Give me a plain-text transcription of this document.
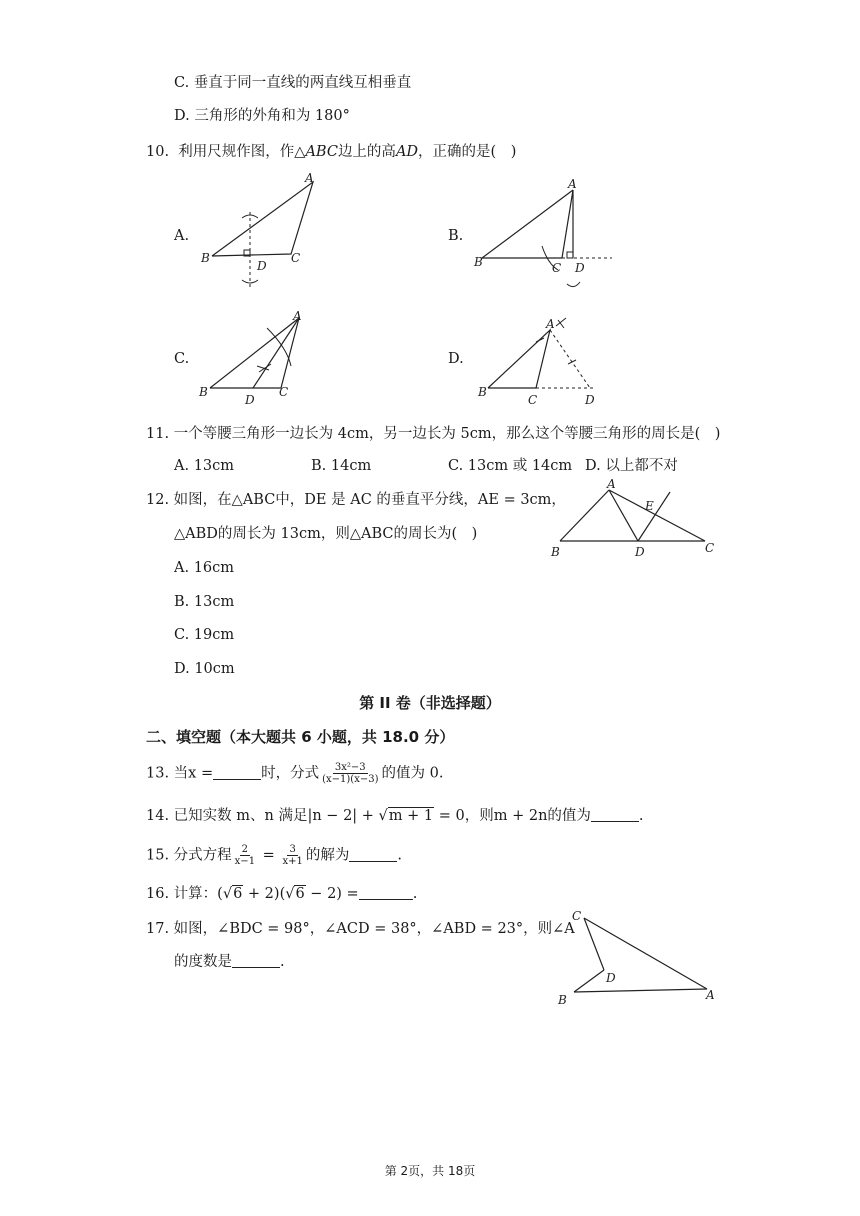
C. 垂直于同一直线的两直线互相垂直
D. 三角形的外角和为 180°
10. 利用尺规作图，作△ABC边上的高AD，正确的是(　)
A.	B.
C.	D.
A
B
D
C
A
B	C D
A
B
D
C
A
B
C	D
11. 一个等腰三角形一边长为 4cm，另一边长为 5cm，那么这个等腰三角形的周长是(　)
A. 13cm	B. 14cm	C. 13cm 或 14cm D. 以上都不对
12. 如图，在△ABC中，DE 是 AC 的垂直平分线，AE = 3cm，
△ABD的周长为 13cm，则△ABC的周长为(　)
A. 16cm
B. 13cm
C. 19cm
D. 10cm
A
E
B	D	C
第 II 卷（非选择题）
二、填空题（本大题共 6 小题，共 18.0 分）
13. 当x =	时，分式 $\frac{\text{3x²−3}}{(x-1)(x-3)}$ 的值为 0.
14. 已知实数 m、n 满足|n − 2| + √m + 1 = 0，则m + 2n的值为	.
15. 分式方程 $\frac{2}{x-1} = \frac{3}{x+1}$ 的解为	.
16. 计算：(√6 + 2)(√6 − 2) =	.
17. 如图，∠BDC = 98°，∠ACD = 38°，∠ABD = 23°，则∠A
的度数是	.
C
D
B	A
第 2页，共 18页
